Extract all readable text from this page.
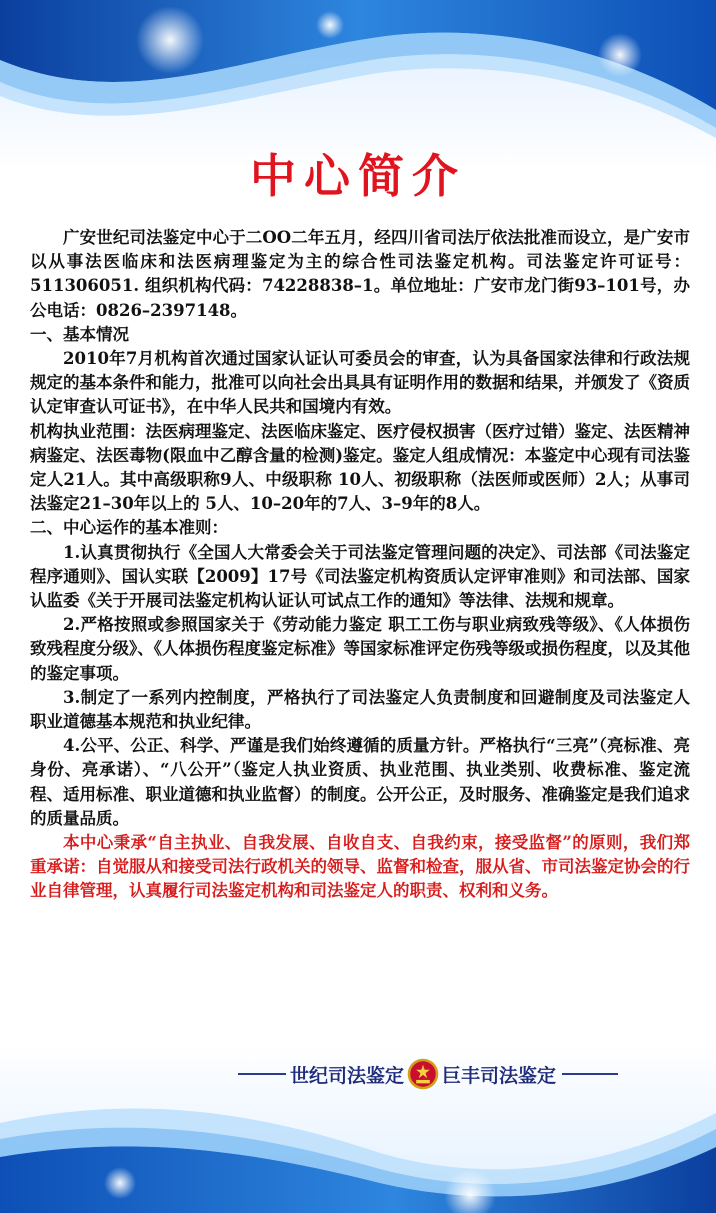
中心简介

广安世纪司法鉴定中心于二OO二年五月，经四川省司法厅依法批准而设立，是广安市以从事法医临床和法医病理鉴定为主的综合性司法鉴定机构。司法鉴定许可证号：511306051. 组织机构代码：74228838–1。单位地址：广安市龙门街93–101号，办公电话：0826–2397148。

一、基本情况

2010年7月机构首次通过国家认证认可委员会的审查，认为具备国家法律和行政法规规定的基本条件和能力，批准可以向社会出具具有证明作用的数据和结果，并颁发了《资质认定审查认可证书》，在中华人民共和国境内有效。

机构执业范围：法医病理鉴定、法医临床鉴定、医疗侵权损害（医疗过错）鉴定、法医精神病鉴定、法医毒物(限血中乙醇含量的检测)鉴定。鉴定人组成情况：本鉴定中心现有司法鉴定人21人。其中高级职称9人、中级职称 10人、初级职称（法医师或医师）2人；从事司法鉴定21–30年以上的 5人、10–20年的7人、3–9年的8人。

二、中心运作的基本准则：

1.认真贯彻执行《全国人大常委会关于司法鉴定管理问题的决定》、司法部《司法鉴定程序通则》、国认实联【2009】17号《司法鉴定机构资质认定评审准则》和司法部、国家认监委《关于开展司法鉴定机构认证认可试点工作的通知》等法律、法规和规章。

2.严格按照或参照国家关于《劳动能力鉴定 职工工伤与职业病致残等级》、《人体损伤致残程度分级》、《人体损伤程度鉴定标准》等国家标准评定伤残等级或损伤程度，以及其他的鉴定事项。

3.制定了一系列内控制度，严格执行了司法鉴定人负责制度和回避制度及司法鉴定人职业道德基本规范和执业纪律。

4.公平、公正、科学、严谨是我们始终遵循的质量方针。严格执行“三亮”（亮标准、亮身份、亮承诺）、“八公开”（鉴定人执业资质、执业范围、执业类别、收费标准、鉴定流程、适用标准、职业道德和执业监督）的制度。公开公正，及时服务、准确鉴定是我们追求的质量品质。

本中心秉承“自主执业、自我发展、自收自支、自我约束，接受监督”的原则，我们郑重承诺：自觉服从和接受司法行政机关的领导、监督和检查，服从省、市司法鉴定协会的行业自律管理，认真履行司法鉴定机构和司法鉴定人的职责、权利和义务。

世纪司法鉴定 巨丰司法鉴定
